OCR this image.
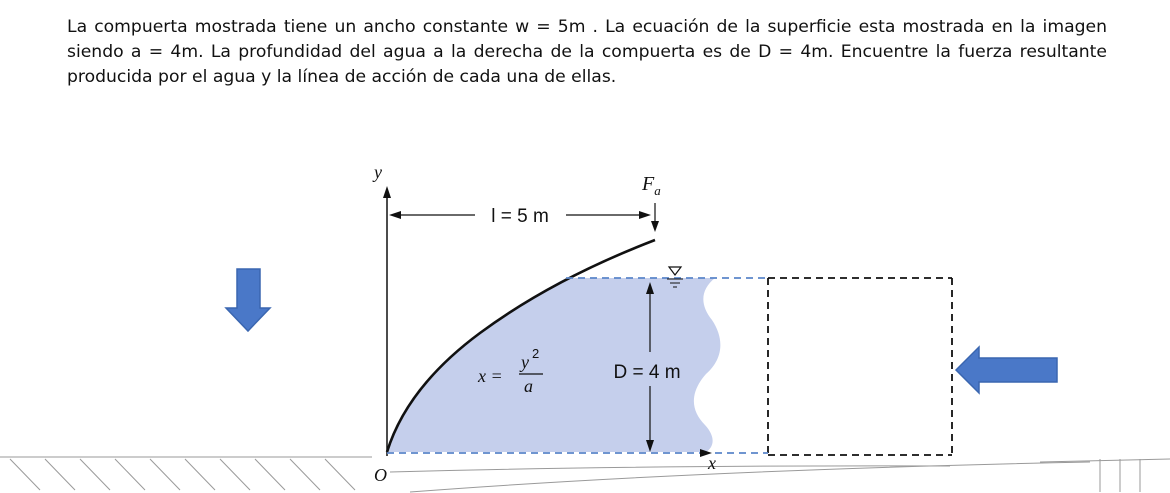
La compuerta mostrada tiene un ancho constante w = 5m . La ecuación de la superficie esta mostrada en la imagen siendo a = 4m. La profundidad del agua a la derecha de la compuerta es de D = 4m. Encuentre la fuerza resultante producida por el agua y la línea de acción de cada una de ellas.

l = 5 m
$F_a$
D = 4 m
x =
y 2
a
y
x
O
